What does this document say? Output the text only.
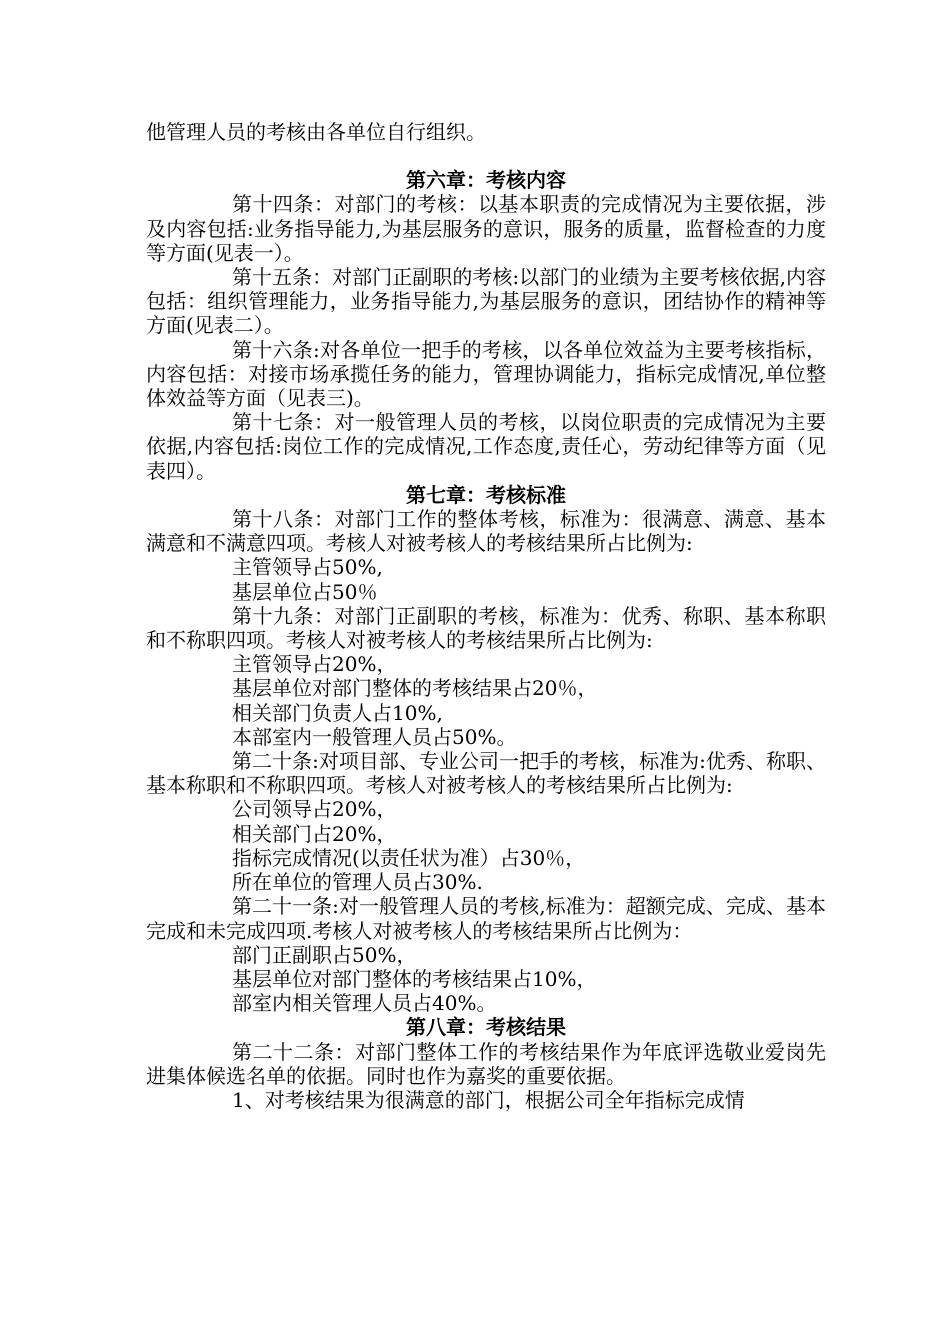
他管理人员的考核由各单位自行组织。

第六章：考核内容

第十四条：对部门的考核：以基本职责的完成情况为主要依据，涉及内容包括:业务指导能力,为基层服务的意识，服务的质量，监督检查的力度等方面(见表一）。

第十五条：对部门正副职的考核:以部门的业绩为主要考核依据,内容包括：组织管理能力，业务指导能力,为基层服务的意识，团结协作的精神等方面(见表二）。

第十六条:对各单位一把手的考核，以各单位效益为主要考核指标，内容包括：对接市场承揽任务的能力，管理协调能力，指标完成情况,单位整体效益等方面（见表三)。

第十七条：对一般管理人员的考核，以岗位职责的完成情况为主要依据,内容包括:岗位工作的完成情况,工作态度,责任心，劳动纪律等方面（见表四）。

第七章：考核标准

第十八条：对部门工作的整体考核，标准为：很满意、满意、基本满意和不满意四项。考核人对被考核人的考核结果所占比例为:

主管领导占50%,

基层单位占50％

第十九条：对部门正副职的考核，标准为：优秀、称职、基本称职和不称职四项。考核人对被考核人的考核结果所占比例为:

主管领导占20%，

基层单位对部门整体的考核结果占20％，

相关部门负责人占10%,

本部室内一般管理人员占50%。

第二十条:对项目部、专业公司一把手的考核，标准为:优秀、称职、基本称职和不称职四项。考核人对被考核人的考核结果所占比例为:

公司领导占20%，

相关部门占20%，

指标完成情况(以责任状为准）占30％，

所在单位的管理人员占30%.

第二十一条:对一般管理人员的考核,标准为：超额完成、完成、基本完成和未完成四项.考核人对被考核人的考核结果所占比例为：

部门正副职占50%，

基层单位对部门整体的考核结果占10%，

部室内相关管理人员占40%。

第八章：考核结果

第二十二条：对部门整体工作的考核结果作为年底评选敬业爱岗先进集体候选名单的依据。同时也作为嘉奖的重要依据。

1、对考核结果为很满意的部门，根据公司全年指标完成情
